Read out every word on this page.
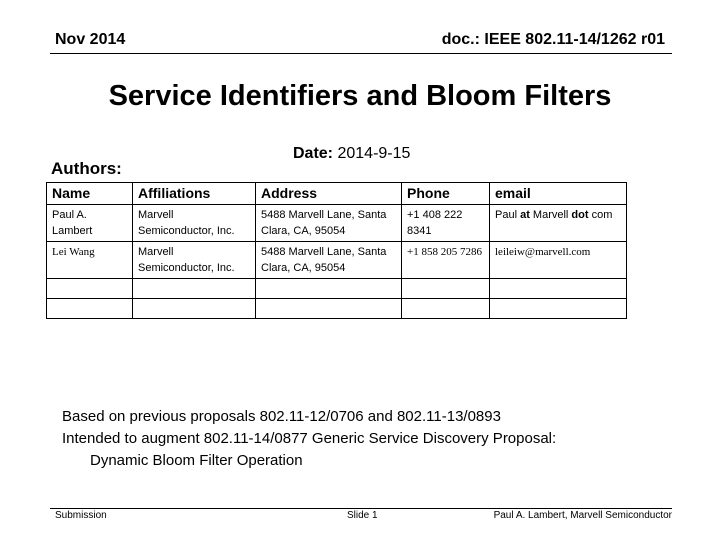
Nov 2014	doc.: IEEE 802.11-14/1262 r01
Service Identifiers and Bloom Filters
Date: 2014-9-15
Authors:
Name	Affiliations	Address	Phone	email
Paul A. Lambert	Marvell Semiconductor, Inc.	5488 Marvell Lane, Santa Clara, CA, 95054	+1 408 222 8341	Paul at Marvell dot com
Lei Wang	Marvell Semiconductor, Inc.	5488 Marvell Lane, Santa Clara, CA, 95054	+1 858 205 7286	leileiw@marvell.com

Based on previous proposals 802.11-12/0706 and 802.11-13/0893
Intended to augment 802.11-14/0877 Generic Service Discovery Proposal:
Dynamic Bloom Filter Operation
Submission	Slide 1	Paul A. Lambert, Marvell Semiconductor
